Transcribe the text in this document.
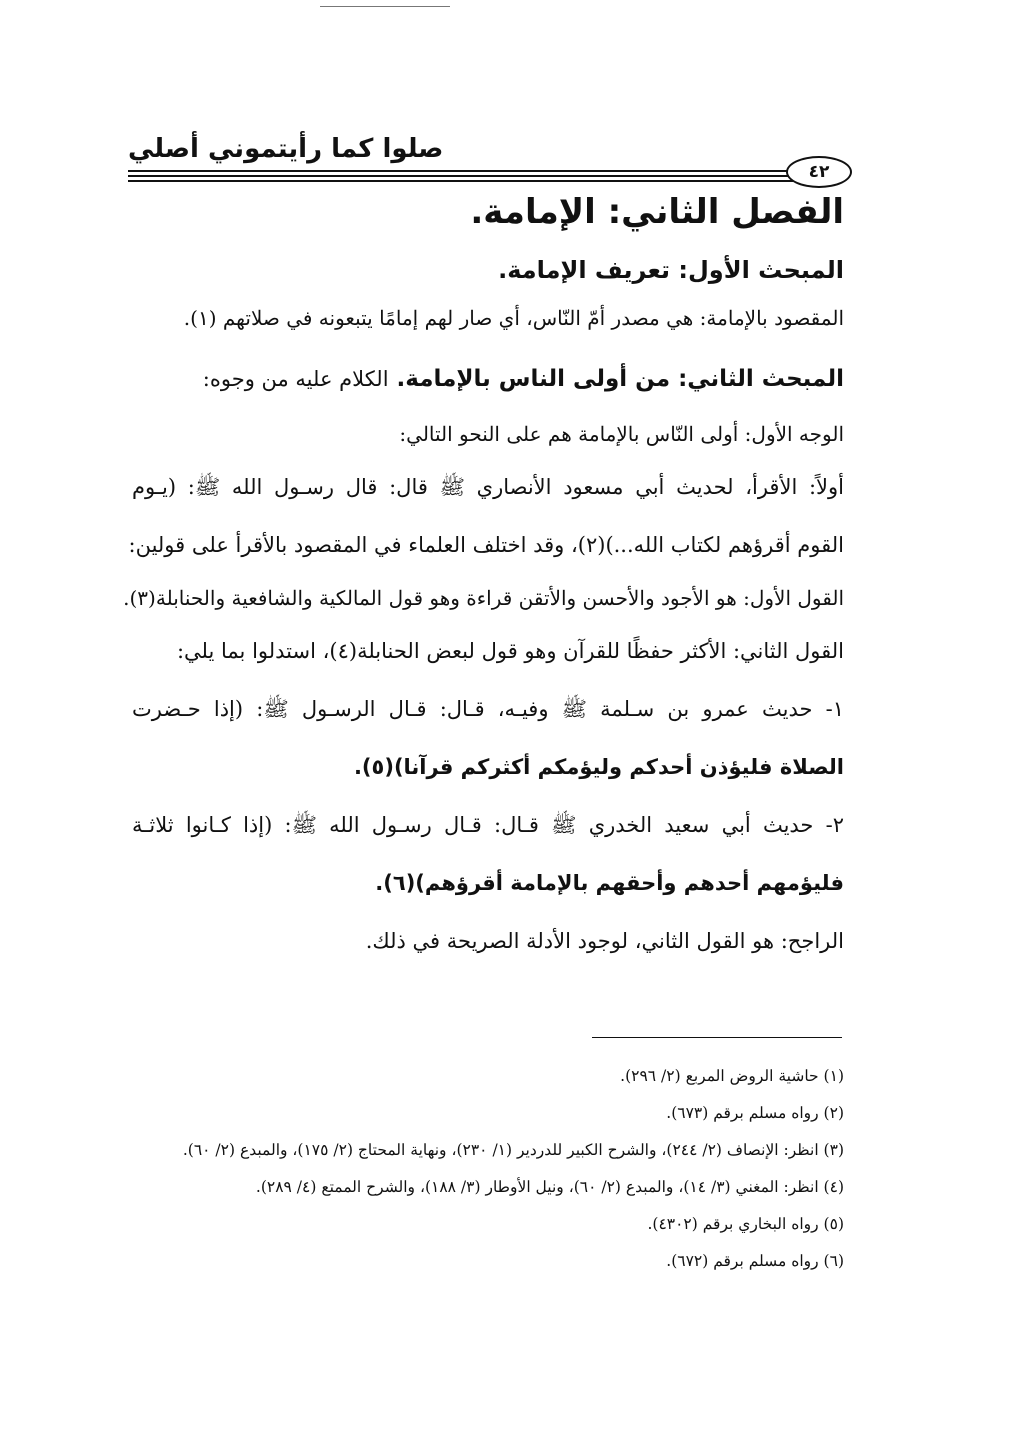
صلوا كما رأيتموني أصلي
٤٢
الفصل الثاني: الإمامة.
المبحث الأول: تعريف الإمامة.
المقصود بالإمامة: هي مصدر أمّ النّاس، أي صار لهم إمامًا يتبعونه في صلاتهم (١).
المبحث الثاني: من أولى الناس بالإمامة. الكلام عليه من وجوه:
الوجه الأول: أولى النّاس بالإمامة هم على النحو التالي:
أولاً: الأقرأ، لحديث أبي مسعود الأنصاري ﷺ قال: قال رسـول الله ﷺ: (يـوم
القوم أقرؤهم لكتاب الله...)(٢)، وقد اختلف العلماء في المقصود بالأقرأ على قولين:
القول الأول: هو الأجود والأحسن والأتقن قراءة وهو قول المالكية والشافعية والحنابلة(٣).
القول الثاني: الأكثر حفظًا للقرآن وهو قول لبعض الحنابلة(٤)، استدلوا بما يلي:
١- حديث عمرو بن سـلمة ﷺ وفيـه، قـال: قـال الرسـول ﷺ: (إذا حـضرت
الصلاة فليؤذن أحدكم وليؤمكم أكثركم قرآنا)(٥).
٢- حديث أبي سعيد الخدري ﷺ قـال: قـال رسـول الله ﷺ: (إذا كـانوا ثلاثـة
فليؤمهم أحدهم وأحقهم بالإمامة أقرؤهم)(٦).
الراجح: هو القول الثاني، لوجود الأدلة الصريحة في ذلك.
(١) حاشية الروض المربع (٢/ ٢٩٦).
(٢) رواه مسلم برقم (٦٧٣).
(٣) انظر: الإنصاف (٢/ ٢٤٤)، والشرح الكبير للدردير (١/ ٢٣٠)، ونهاية المحتاج (٢/ ١٧٥)، والمبدع (٢/ ٦٠).
(٤) انظر: المغني (٣/ ١٤)، والمبدع (٢/ ٦٠)، ونيل الأوطار (٣/ ١٨٨)، والشرح الممتع (٤/ ٢٨٩).
(٥) رواه البخاري برقم (٤٣٠٢).
(٦) رواه مسلم برقم (٦٧٢).
